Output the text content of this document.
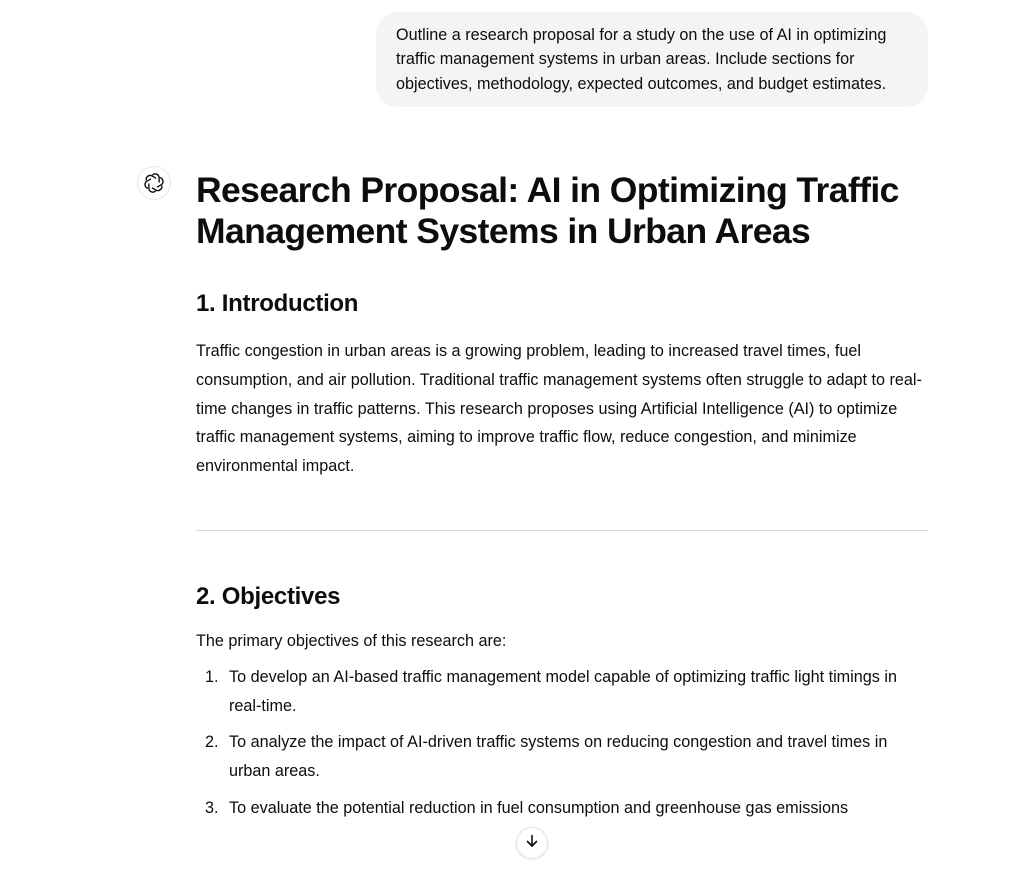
Outline a research proposal for a study on the use of AI in optimizing traffic management systems in urban areas. Include sections for objectives, methodology, expected outcomes, and budget estimates.
Research Proposal: AI in Optimizing Traffic Management Systems in Urban Areas
1. Introduction

Traffic congestion in urban areas is a growing problem, leading to increased travel times, fuel consumption, and air pollution. Traditional traffic management systems often struggle to adapt to real-time changes in traffic patterns. This research proposes using Artificial Intelligence (AI) to optimize traffic management systems, aiming to improve traffic flow, reduce congestion, and minimize environmental impact.

2. Objectives

The primary objectives of this research are:

1. To develop an AI-based traffic management model capable of optimizing traffic light timings in real-time.
2. To analyze the impact of AI-driven traffic systems on reducing congestion and travel times in urban areas.
3. To evaluate the potential reduction in fuel consumption and greenhouse gas emissions
